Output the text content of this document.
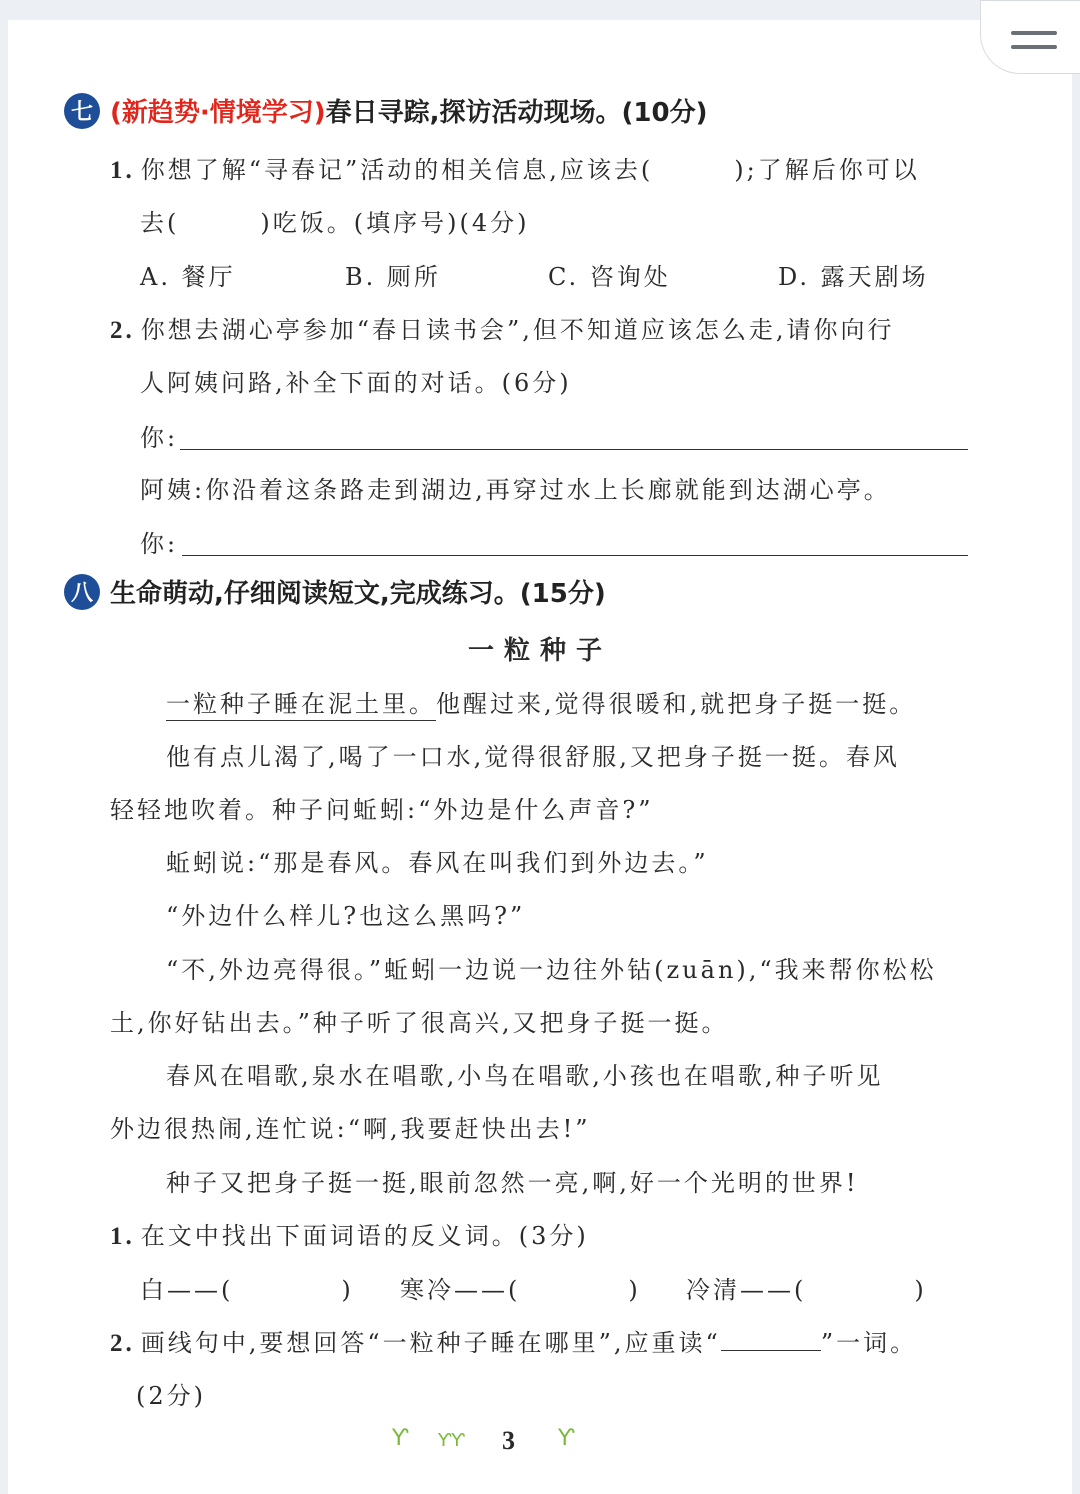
七 (新趋势·情境学习) 春日寻踪,探访活动现场。(10分)
1. 你想了解“寻春记”活动的相关信息,应该去(　　　);了解后你可以
去(　　　)吃饭。(填序号)(4分)
A. 餐厅	B. 厕所	C. 咨询处	D. 露天剧场
2. 你想去湖心亭参加“春日读书会”,但不知道应该怎么走,请你向行
人阿姨问路,补全下面的对话。(6分)
你:
阿姨:你沿着这条路走到湖边,再穿过水上长廊就能到达湖心亭。
你:
八 生命萌动,仔细阅读短文,完成练习。(15分)
一粒种子
一粒种子睡在泥土里。他醒过来,觉得很暖和,就把身子挺一挺。
他有点儿渴了,喝了一口水,觉得很舒服,又把身子挺一挺。春风
轻轻地吹着。种子问蚯蚓:“外边是什么声音?”
蚯蚓说:“那是春风。春风在叫我们到外边去。”
“外边什么样儿?也这么黑吗?”
“不,外边亮得很。”蚯蚓一边说一边往外钻(zuān),“我来帮你松松
土,你好钻出去。”种子听了很高兴,又把身子挺一挺。
春风在唱歌,泉水在唱歌,小鸟在唱歌,小孩也在唱歌,种子听见
外边很热闹,连忙说:“啊,我要赶快出去!”
种子又把身子挺一挺,眼前忽然一亮,啊,好一个光明的世界!
1. 在文中找出下面词语的反义词。(3分)
白——(　　　　) 寒冷——(　　　　) 冷清——(　　　　)
2. 画线句中,要想回答“一粒种子睡在哪里”,应重读“	”一词。
(2分)
Ƴ ƳƳ 3 Ƴ
